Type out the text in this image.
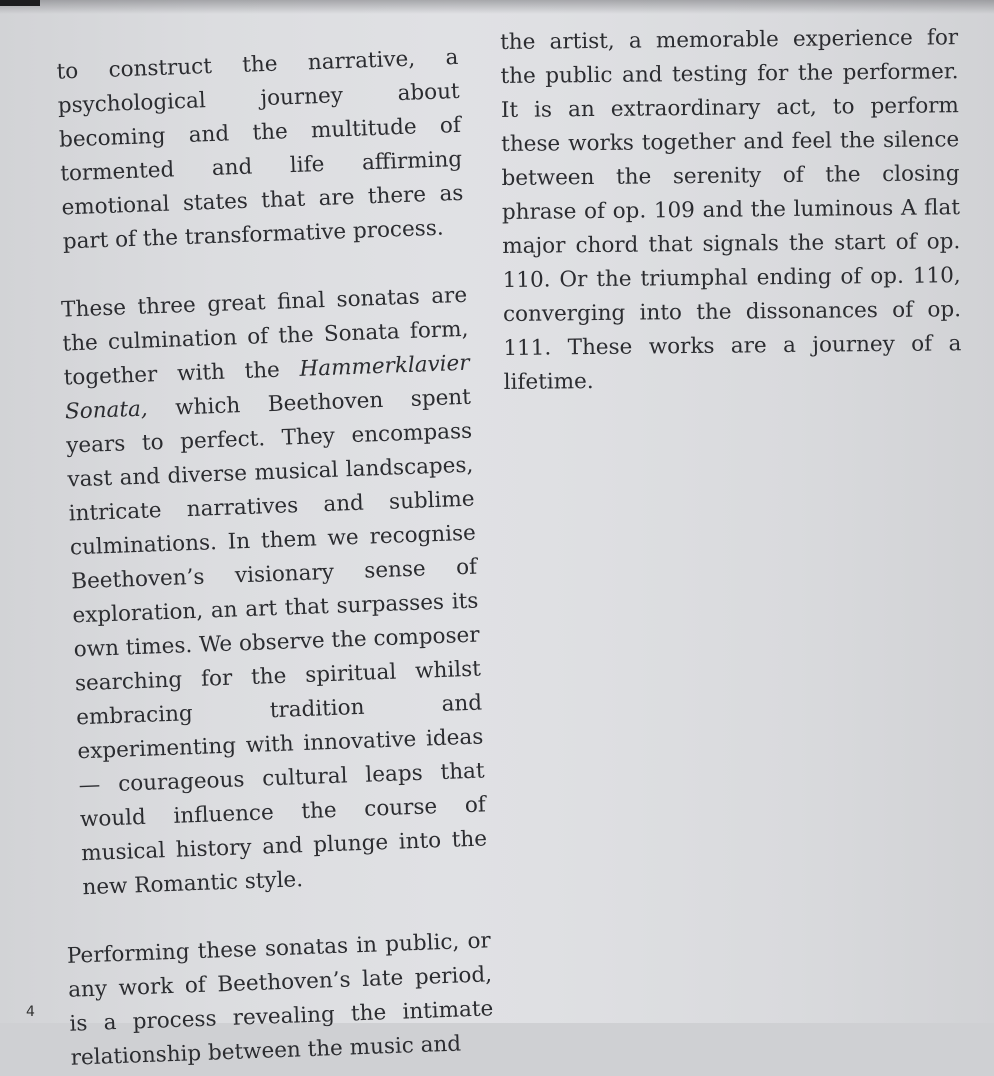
to construct the narrative, a psychological journey about becoming and the multitude of tormented and life affirming emotional states that are there as part of the transformative process.

These three great final sonatas are the culmination of the Sonata form, together with the Hammerklavier Sonata, which Beethoven spent years to perfect. They encompass vast and diverse musical landscapes, intricate narratives and sublime culminations. In them we recognise Beethoven’s visionary sense of exploration, an art that surpasses its own times. We observe the composer searching for the spiritual whilst embracing tradition and experimenting with innovative ideas — courageous cultural leaps that would influence the course of musical history and plunge into the new Romantic style.

Performing these sonatas in public, or any work of Beethoven’s late period, is a process revealing the intimate relationship between the music and

the artist, a memorable experience for the public and testing for the performer. It is an extraordinary act, to perform these works together and feel the silence between the serenity of the closing phrase of op. 109 and the luminous A flat major chord that signals the start of op. 110. Or the triumphal ending of op. 110, converging into the dissonances of op. 111. These works are a journey of a lifetime.

4
